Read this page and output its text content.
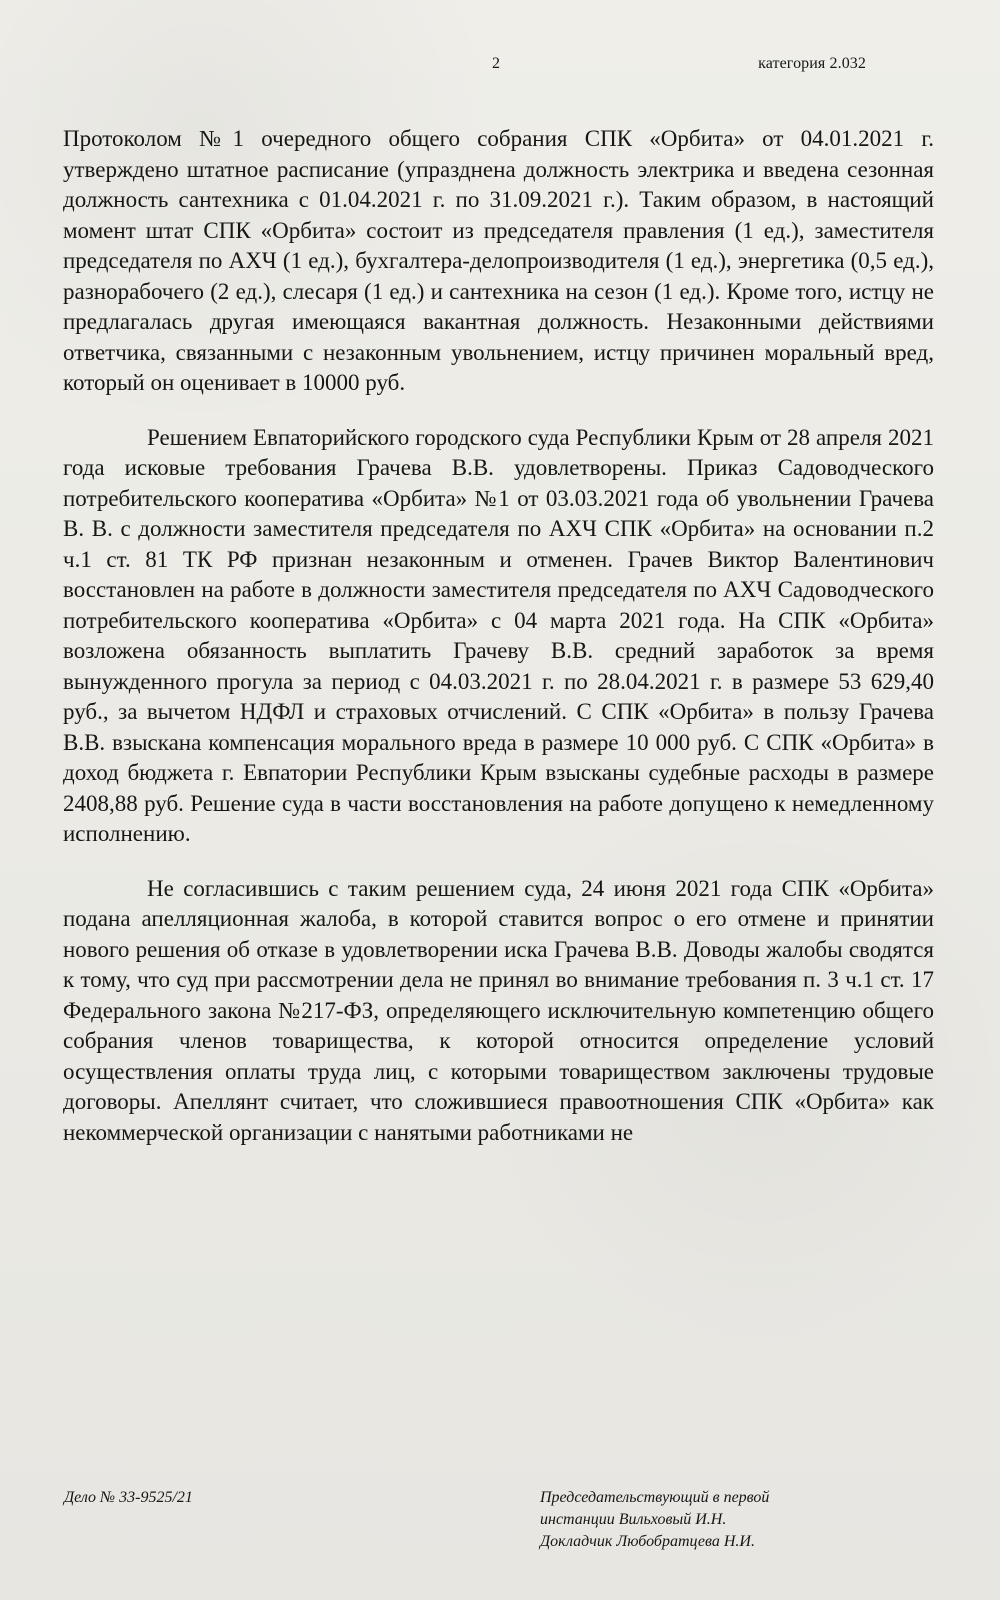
2	категория 2.032

Протоколом №1 очередного общего собрания СПК «Орбита» от 04.01.2021 г. утверждено штатное расписание (упразднена должность электрика и введена сезонная должность сантехника с 01.04.2021 г. по 31.09.2021 г.). Таким образом, в настоящий момент штат СПК «Орбита» состоит из председателя правления (1 ед.), заместителя председателя по АХЧ (1 ед.), бухгалтера-делопроизводителя (1 ед.), энергетика (0,5 ед.), разнорабочего (2 ед.), слесаря (1 ед.) и сантехника на сезон (1 ед.). Кроме того, истцу не предлагалась другая имеющаяся вакантная должность. Незаконными действиями ответчика, связанными с незаконным увольнением, истцу причинен моральный вред, который он оценивает в 10000 руб.

Решением Евпаторийского городского суда Республики Крым от 28 апреля 2021 года исковые требования Грачева В.В. удовлетворены. Приказ Садоводческого потребительского кооператива «Орбита» №1 от 03.03.2021 года об увольнении Грачева В. В. с должности заместителя председателя по АХЧ СПК «Орбита» на основании п.2 ч.1 ст. 81 ТК РФ признан незаконным и отменен. Грачев Виктор Валентинович восстановлен на работе в должности заместителя председателя по АХЧ Садоводческого потребительского кооператива «Орбита» с 04 марта 2021 года. На СПК «Орбита» возложена обязанность выплатить Грачеву В.В. средний заработок за время вынужденного прогула за период с 04.03.2021 г. по 28.04.2021 г. в размере 53 629,40 руб., за вычетом НДФЛ и страховых отчислений. С СПК «Орбита» в пользу Грачева В.В. взыскана компенсация морального вреда в размере 10 000 руб. С СПК «Орбита» в доход бюджета г. Евпатории Республики Крым взысканы судебные расходы в размере 2408,88 руб. Решение суда в части восстановления на работе допущено к немедленному исполнению.

Не согласившись с таким решением суда, 24 июня 2021 года СПК «Орбита» подана апелляционная жалоба, в которой ставится вопрос о его отмене и принятии нового решения об отказе в удовлетворении иска Грачева В.В. Доводы жалобы сводятся к тому, что суд при рассмотрении дела не принял во внимание требования п. 3 ч.1 ст. 17 Федерального закона №217-ФЗ, определяющего исключительную компетенцию общего собрания членов товарищества, к которой относится определение условий осуществления оплаты труда лиц, с которыми товариществом заключены трудовые договоры. Апеллянт считает, что сложившиеся правоотношения СПК «Орбита» как некоммерческой организации с нанятыми работниками не

Дело № 33-9525/21	Председательствующий в первой
инстанции Вильховый И.Н.
Докладчик Любобратцева Н.И.
